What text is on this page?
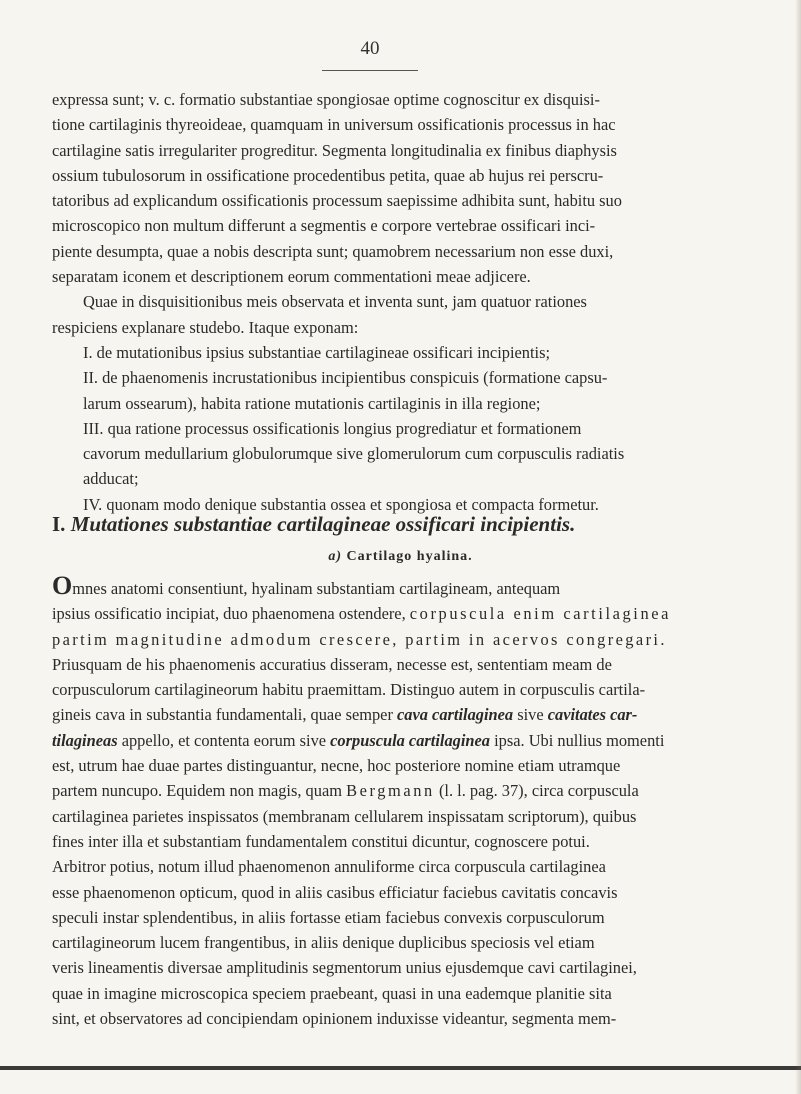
40

expressa sunt; v. c. formatio substantiae spongiosae optime cognoscitur ex disquisi-

tione cartilaginis thyreoideae, quamquam in universum ossificationis processus in hac

cartilagine satis irregulariter progreditur. Segmenta longitudinalia ex finibus diaphysis

ossium tubulosorum in ossificatione procedentibus petita, quae ab hujus rei perscru-

tatoribus ad explicandum ossificationis processum saepissime adhibita sunt, habitu suo

microscopico non multum differunt a segmentis e corpore vertebrae ossificari inci-

piente desumpta, quae a nobis descripta sunt; quamobrem necessarium non esse duxi,

separatam iconem et descriptionem eorum commentationi meae adjicere.

Quae in disquisitionibus meis observata et inventa sunt, jam quatuor rationes

respiciens explanare studebo. Itaque exponam:

I. de mutationibus ipsius substantiae cartilagineae ossificari incipientis;

II. de phaenomenis incrustationibus incipientibus conspicuis (formatione capsu-

larum ossearum), habita ratione mutationis cartilaginis in illa regione;

III. qua ratione processus ossificationis longius progrediatur et formationem

cavorum medullarium globulorumque sive glomerulorum cum corpusculis radiatis

adducat;

IV. quonam modo denique substantia ossea et spongiosa et compacta formetur.

I. Mutationes substantiae cartilagineae ossificari incipientis.
a) Cartilago hyalina.

Omnes anatomi consentiunt, hyalinam substantiam cartilagineam, antequam

ipsius ossificatio incipiat, duo phaenomena ostendere, corpuscula enim cartilaginea

partim magnitudine admodum crescere, partim in acervos congregari.

Priusquam de his phaenomenis accuratius disseram, necesse est, sententiam meam de

corpusculorum cartilagineorum habitu praemittam. Distinguo autem in corpusculis cartila-

gineis cava in substantia fundamentali, quae semper cava cartilaginea sive cavitates car-

tilagineas appello, et contenta eorum sive corpuscula cartilaginea ipsa. Ubi nullius momenti

est, utrum hae duae partes distinguantur, necne, hoc posteriore nomine etiam utramque

partem nuncupo. Equidem non magis, quam Bergmann (l. l. pag. 37), circa corpuscula

cartilaginea parietes inspissatos (membranam cellularem inspissatam scriptorum), quibus

fines inter illa et substantiam fundamentalem constitui dicuntur, cognoscere potui.

Arbitror potius, notum illud phaenomenon annuliforme circa corpuscula cartilaginea

esse phaenomenon opticum, quod in aliis casibus efficiatur faciebus cavitatis concavis

speculi instar splendentibus, in aliis fortasse etiam faciebus convexis corpusculorum

cartilagineorum lucem frangentibus, in aliis denique duplicibus speciosis vel etiam

veris lineamentis diversae amplitudinis segmentorum unius ejusdemque cavi cartilaginei,

quae in imagine microscopica speciem praebeant, quasi in una eademque planitie sita

sint, et observatores ad concipiendam opinionem induxisse videantur, segmenta mem-
